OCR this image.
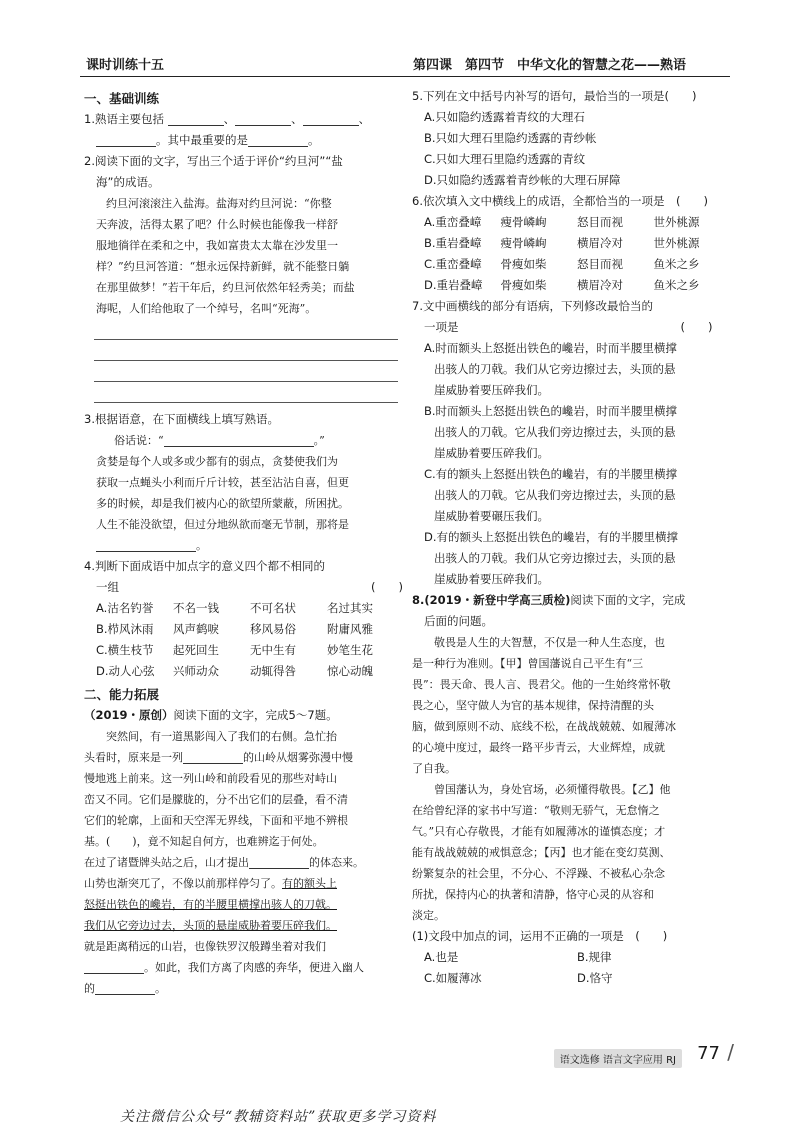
课时训练十五	第四课　第四节　中华文化的智慧之花——熟语
一、基础训练
1.熟语主要包括	、	、	、
。其中最重要的是	。
2.阅读下面的文字，写出三个适于评价“约旦河”“盐
海”的成语。
约旦河滚滚注入盐海。盐海对约旦河说：“你整
天奔波，活得太累了吧？什么时候也能像我一样舒
服地徜徉在柔和之中，我如富贵太太靠在沙发里一
样？”约旦河答道：“想永远保持新鲜，就不能整日躺
在那里做梦！”若干年后，约旦河依然年轻秀美；而盐
海呢，人们给他取了一个绰号，名叫“死海”。
3.根据语意，在下面横线上填写熟语。
俗话说：“	。”
贪婪是每个人或多或少都有的弱点，贪婪使我们为
获取一点蝇头小利而斤斤计较，甚至沾沾自喜，但更
多的时候，却是我们被内心的欲望所蒙蔽，所困扰。
人生不能没欲望，但过分地纵欲而毫无节制，那将是
。
4.判断下面成语中加点字的意义四个都不相同的
一组	(　　)
A.沽名钓誉	不名一钱	不可名状	名过其实
B.栉风沐雨	风声鹤唳	移风易俗	附庸风雅
C.横生枝节	起死回生	无中生有	妙笔生花
D.动人心弦	兴师动众	动辄得咎	惊心动魄
二、能力拓展
（2019・原创）阅读下面的文字，完成5～7题。
突然间，有一道黑影闯入了我们的右侧。急忙抬
头看时，原来是一列	的山岭从烟雾弥漫中慢
慢地逃上前来。这一列山岭和前段看见的那些对峙山
峦又不同。它们是朦胧的，分不出它们的层叠，看不清
它们的轮廓，上面和天空浑无界线，下面和平地不辨根
基。(　　)，竟不知起自何方，也难辨迄于何处。
在过了诸暨牌头站之后，山才提出	的体态来。
山势也渐突兀了，不像以前那样停匀了。有的额头上
怒挺出铁色的巉岩，有的半腰里横撑出骇人的刀戟。
我们从它旁边过去，头顶的悬崖威胁着要压碎我们。
就是距离稍远的山岩，也像铁罗汉般蹲坐着对我们
。如此，我们方离了肉感的奔华，便进入幽人
的	。
5.下列在文中括号内补写的语句，最恰当的一项是(　　)
A.只如隐约透露着青纹的大理石
B.只如大理石里隐约透露的青纱帐
C.只如大理石里隐约透露的青纹
D.只如隐约透露着青纱帐的大理石屏障
6.依次填入文中横线上的成语，全都恰当的一项是　(　　)
A.重峦叠嶂	瘦骨嶙峋	怒目而视	世外桃源
B.重岩叠嶂	瘦骨嶙峋	横眉冷对	世外桃源
C.重峦叠嶂	骨瘦如柴	怒目而视	鱼米之乡
D.重岩叠嶂	骨瘦如柴	横眉冷对	鱼米之乡
7.文中画横线的部分有语病，下列修改最恰当的
一项是	(　　)
A.时而额头上怒挺出铁色的巉岩，时而半腰里横撑
出骇人的刀戟。我们从它旁边擦过去，头顶的悬
崖威胁着要压碎我们。
B.时而额头上怒挺出铁色的巉岩，时而半腰里横撑
出骇人的刀戟。它从我们旁边擦过去，头顶的悬
崖威胁着要压碎我们。
C.有的额头上怒挺出铁色的巉岩，有的半腰里横撑
出骇人的刀戟。它从我们旁边擦过去，头顶的悬
崖威胁着要碾压我们。
D.有的额头上怒挺出铁色的巉岩，有的半腰里横撑
出骇人的刀戟。我们从它旁边擦过去，头顶的悬
崖威胁着要压碎我们。
8.(2019・新登中学高三质检)阅读下面的文字，完成
后面的问题。
敬畏是人生的大智慧，不仅是一种人生态度，也
是一种行为准则。【甲】曾国藩说自己平生有“三
畏”：畏天命、畏人言、畏君父。他的一生始终常怀敬
畏之心，坚守做人为官的基本规律，保持清醒的头
脑，做到原则不动、底线不松，在战战兢兢、如履薄冰
的心境中度过，最终一路平步青云，大业辉煌，成就
了自我。
曾国藩认为，身处官场，必须懂得敬畏。【乙】他
在给曾纪泽的家书中写道：“敬则无骄气，无怠惰之
气。”只有心存敬畏，才能有如履薄冰的谨慎态度；才
能有战战兢兢的戒惧意念；【丙】也才能在变幻莫测、
纷繁复杂的社会里，不分心、不浮躁、不被私心杂念
所扰，保持内心的执著和清静，恪守心灵的从容和
淡定。
(1)文段中加点的词，运用不正确的一项是　(　　)
A.也是	B.规律
C.如履薄冰	D.恪守
语文选修 语言文字应用 RJ	77 /
关注微信公众号“教辅资料站”获取更多学习资料
